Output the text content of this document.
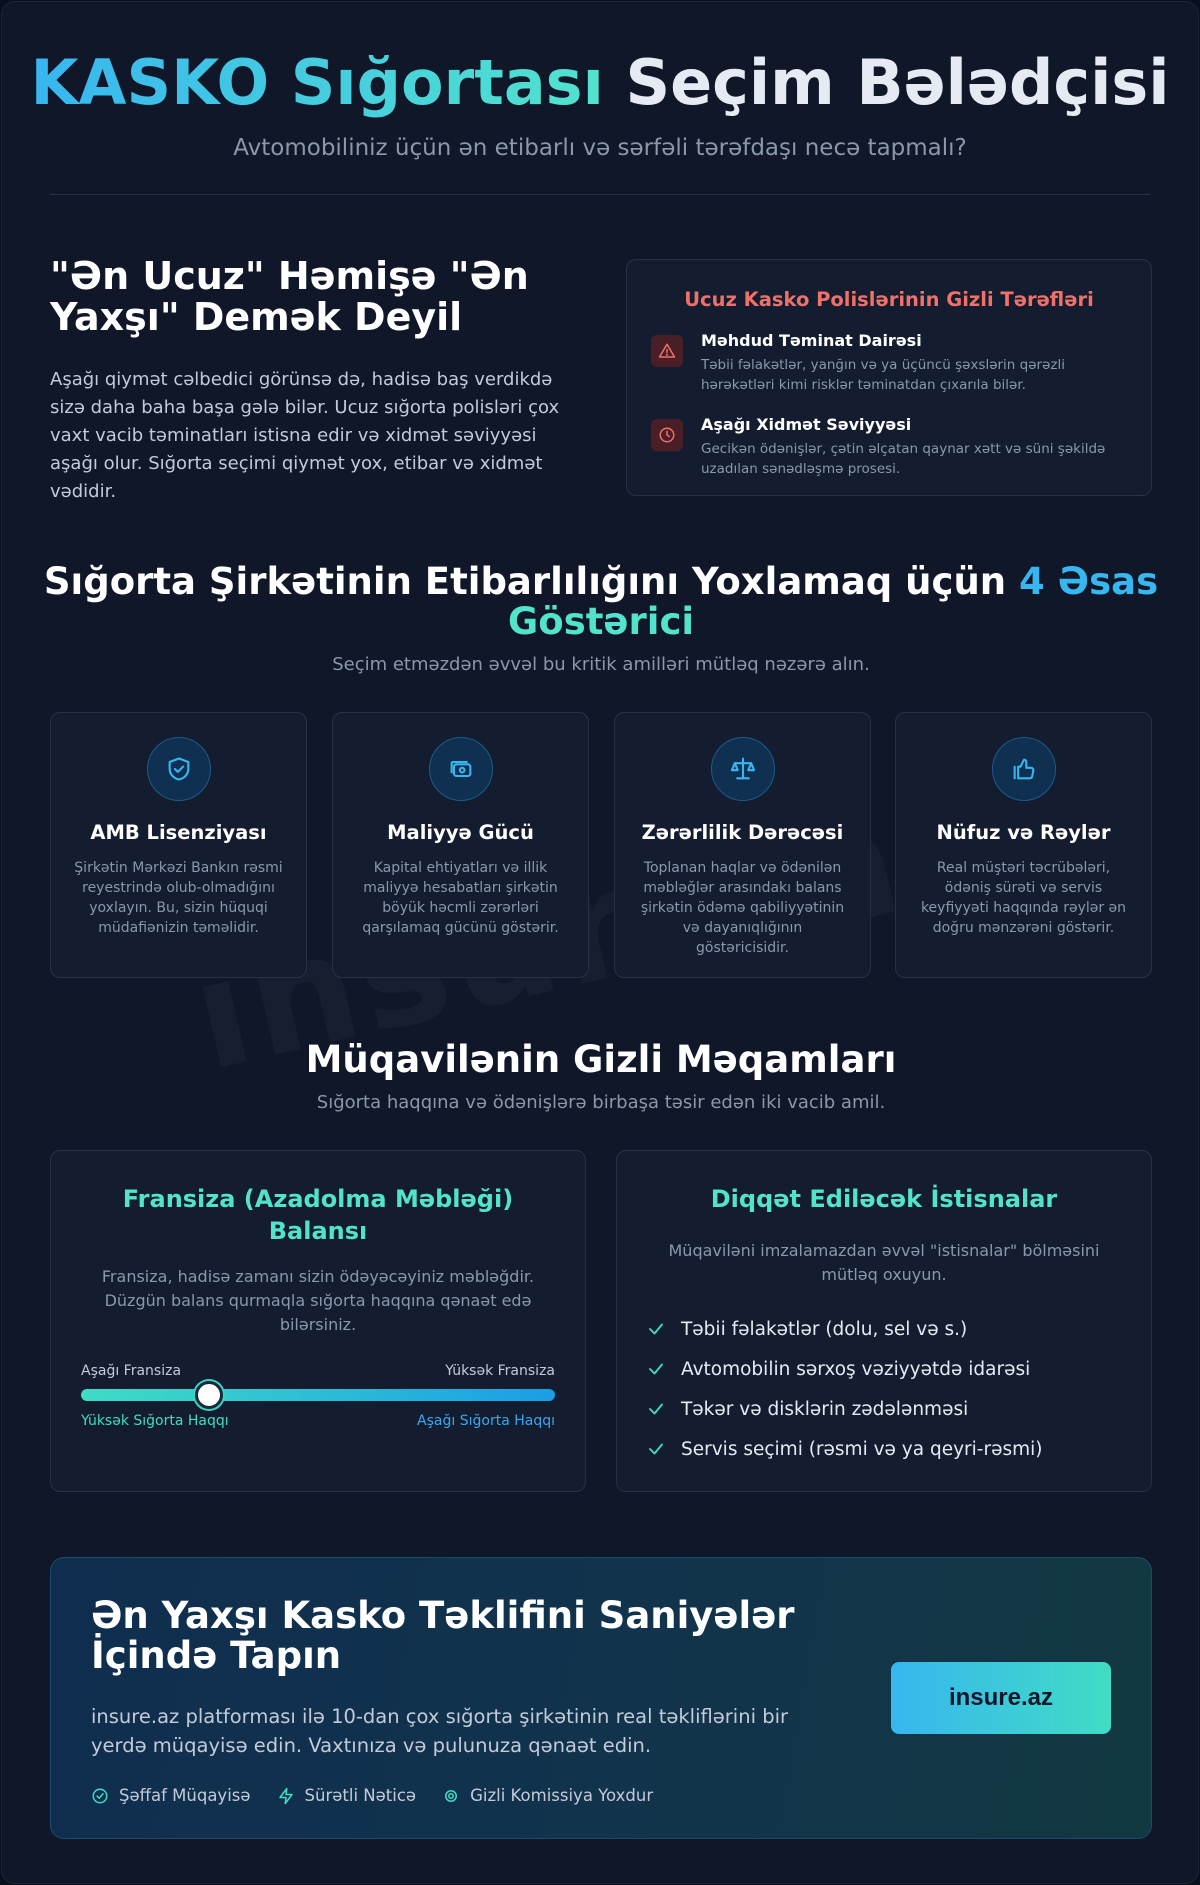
KASKO Sığortası Seçim Bələdçisi

Avtomobiliniz üçün ən etibarlı və sərfəli tərəfdaşı necə tapmalı?

"Ən Ucuz" Həmişə "Ən Yaxşı" Demək Deyil

Aşağı qiymət cəlbedici görünsə də, hadisə baş verdikdə sizə daha baha başa gələ bilər. Ucuz sığorta polisləri çox vaxt vacib təminatları istisna edir və xidmət səviyyəsi aşağı olur. Sığorta seçimi qiymət yox, etibar və xidmət vədidir.

Ucuz Kasko Polislərinin Gizli Tərəfləri
Məhdud Təminat Dairəsi
Təbii fəlakətlər, yanğın və ya üçüncü şəxslərin qərəzli hərəkətləri kimi risklər təminatdan çıxarıla bilər.
Aşağı Xidmət Səviyyəsi
Gecikən ödənişlər, çətin əlçatan qaynar xətt və süni şəkildə uzadılan sənədləşmə prosesi.
Sığorta Şirkətinin Etibarlılığını Yoxlamaq üçün 4 Əsas
Göstərici

Seçim etməzdən əvvəl bu kritik amilləri mütləq nəzərə alın.

AMB Lisenziyası
Şirkətin Mərkəzi Bankın rəsmi reyestrində olub-olmadığını yoxlayın. Bu, sizin hüquqi müdafiənizin təməlidir.
Maliyyə Gücü
Kapital ehtiyatları və illik maliyyə hesabatları şirkətin böyük həcmli zərərləri qarşılamaq gücünü göstərir.
Zərərlilik Dərəcəsi
Toplanan haqlar və ödənilən məbləğlər arasındakı balans şirkətin ödəmə qabiliyyətinin və dayanıqlığının göstəricisidir.
Nüfuz və Rəylər
Real müştəri təcrübələri, ödəniş sürəti və servis keyfiyyəti haqqında rəylər ən doğru mənzərəni göstərir.
Müqavilənin Gizli Məqamları

Sığorta haqqına və ödənişlərə birbaşa təsir edən iki vacib amil.

Fransiza (Azadolma Məbləği) Balansı
Fransiza, hadisə zamanı sizin ödəyəcəyiniz məbləğdir. Düzgün balans qurmaqla sığorta haqqına qənaət edə bilərsiniz.
Aşağı Fransiza	Yüksək Fransiza
Yüksək Sığorta Haqqı	Aşağı Sığorta Haqqı
Diqqət Ediləcək İstisnalar
Müqaviləni imzalamazdan əvvəl "istisnalar" bölməsini mütləq oxuyun.
Təbii fəlakətlər (dolu, sel və s.)
Avtomobilin sərxoş vəziyyətdə idarəsi
Təkər və disklərin zədələnməsi
Servis seçimi (rəsmi və ya qeyri-rəsmi)
Ən Yaxşı Kasko Təklifini Saniyələr İçində Tapın

insure.az platforması ilə 10-dan çox sığorta şirkətinin real təkliflərini bir yerdə müqayisə edin. Vaxtınıza və pulunuza qənaət edin.

Şəffaf Müqayisə	Sürətli Nəticə	Gizli Komissiya Yoxdur
insure.az
